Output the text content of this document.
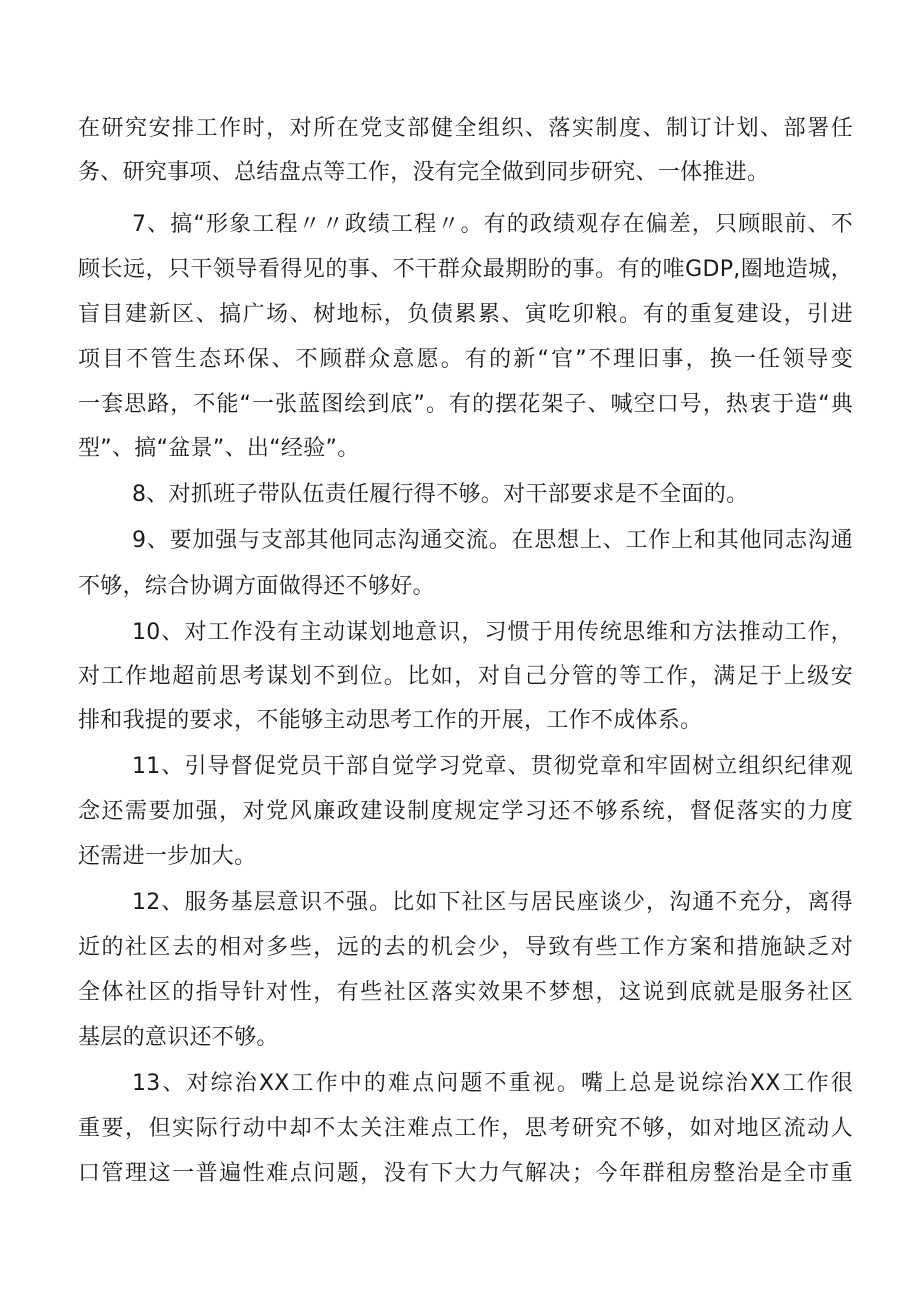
在研究安排工作时，对所在党支部健全组织、落实制度、制订计划、部署任
务、研究事项、总结盘点等工作，没有完全做到同步研究、一体推进。
7、搞“形象工程〃〃政绩工程〃。有的政绩观存在偏差，只顾眼前、不
顾长远，只干领导看得见的事、不干群众最期盼的事。有的唯GDP,圈地造城，
盲目建新区、搞广场、树地标，负债累累、寅吃卯粮。有的重复建设，引进
项目不管生态环保、不顾群众意愿。有的新“官”不理旧事，换一任领导变
一套思路，不能“一张蓝图绘到底”。有的摆花架子、喊空口号，热衷于造“典
型”、搞“盆景”、出“经验”。
8、对抓班子带队伍责任履行得不够。对干部要求是不全面的。
9、要加强与支部其他同志沟通交流。在思想上、工作上和其他同志沟通
不够，综合协调方面做得还不够好。
10、对工作没有主动谋划地意识，习惯于用传统思维和方法推动工作，
对工作地超前思考谋划不到位。比如，对自己分管的等工作，满足于上级安
排和我提的要求，不能够主动思考工作的开展，工作不成体系。
11、引导督促党员干部自觉学习党章、贯彻党章和牢固树立组织纪律观
念还需要加强，对党风廉政建设制度规定学习还不够系统，督促落实的力度
还需进一步加大。
12、服务基层意识不强。比如下社区与居民座谈少，沟通不充分，离得
近的社区去的相对多些，远的去的机会少，导致有些工作方案和措施缺乏对
全体社区的指导针对性，有些社区落实效果不梦想，这说到底就是服务社区
基层的意识还不够。
13、对综治XX工作中的难点问题不重视。嘴上总是说综治XX工作很
重要，但实际行动中却不太关注难点工作，思考研究不够，如对地区流动人
口管理这一普遍性难点问题，没有下大力气解决；今年群租房整治是全市重
